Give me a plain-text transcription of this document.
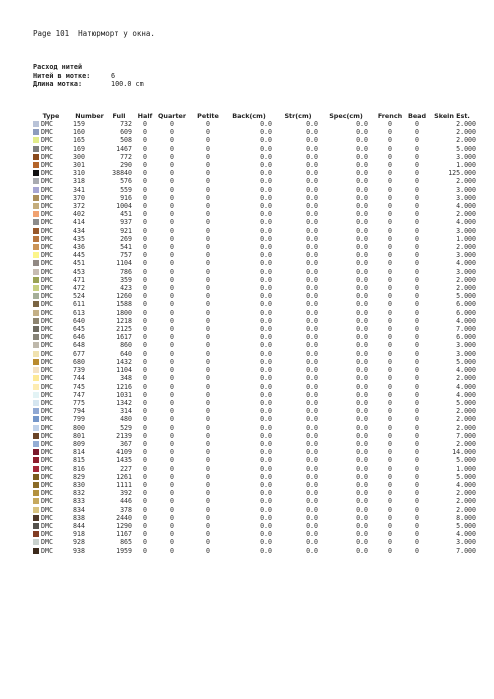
Page 101  Натюрморт у окна.
Расход нитей
Нитей в мотке:	6
Длина мотка:	100.0 cm
Type	Number	Full	Half	Quarter	Petite	Back(cm)	Str(cm)	Spec(cm)	French	Bead	Skein Est.
DMC	159	732	0	0	0	0.0	0.0	0.0	0	0	2.000
DMC	160	609	0	0	0	0.0	0.0	0.0	0	0	2.000
DMC	165	508	0	0	0	0.0	0.0	0.0	0	0	2.000
DMC	169	1467	0	0	0	0.0	0.0	0.0	0	0	5.000
DMC	300	772	0	0	0	0.0	0.0	0.0	0	0	3.000
DMC	301	290	0	0	0	0.0	0.0	0.0	0	0	1.000
DMC	310	38840	0	0	0	0.0	0.0	0.0	0	0	125.000
DMC	318	576	0	0	0	0.0	0.0	0.0	0	0	2.000
DMC	341	559	0	0	0	0.0	0.0	0.0	0	0	3.000
DMC	370	916	0	0	0	0.0	0.0	0.0	0	0	3.000
DMC	372	1004	0	0	0	0.0	0.0	0.0	0	0	4.000
DMC	402	451	0	0	0	0.0	0.0	0.0	0	0	2.000
DMC	414	937	0	0	0	0.0	0.0	0.0	0	0	4.000
DMC	434	921	0	0	0	0.0	0.0	0.0	0	0	3.000
DMC	435	269	0	0	0	0.0	0.0	0.0	0	0	1.000
DMC	436	541	0	0	0	0.0	0.0	0.0	0	0	2.000
DMC	445	757	0	0	0	0.0	0.0	0.0	0	0	3.000
DMC	451	1104	0	0	0	0.0	0.0	0.0	0	0	4.000
DMC	453	786	0	0	0	0.0	0.0	0.0	0	0	3.000
DMC	471	359	0	0	0	0.0	0.0	0.0	0	0	2.000
DMC	472	423	0	0	0	0.0	0.0	0.0	0	0	2.000
DMC	524	1260	0	0	0	0.0	0.0	0.0	0	0	5.000
DMC	611	1588	0	0	0	0.0	0.0	0.0	0	0	6.000
DMC	613	1800	0	0	0	0.0	0.0	0.0	0	0	6.000
DMC	640	1218	0	0	0	0.0	0.0	0.0	0	0	4.000
DMC	645	2125	0	0	0	0.0	0.0	0.0	0	0	7.000
DMC	646	1617	0	0	0	0.0	0.0	0.0	0	0	6.000
DMC	648	860	0	0	0	0.0	0.0	0.0	0	0	3.000
DMC	677	640	0	0	0	0.0	0.0	0.0	0	0	3.000
DMC	680	1432	0	0	0	0.0	0.0	0.0	0	0	5.000
DMC	739	1104	0	0	0	0.0	0.0	0.0	0	0	4.000
DMC	744	348	0	0	0	0.0	0.0	0.0	0	0	2.000
DMC	745	1216	0	0	0	0.0	0.0	0.0	0	0	4.000
DMC	747	1031	0	0	0	0.0	0.0	0.0	0	0	4.000
DMC	775	1342	0	0	0	0.0	0.0	0.0	0	0	5.000
DMC	794	314	0	0	0	0.0	0.0	0.0	0	0	2.000
DMC	799	480	0	0	0	0.0	0.0	0.0	0	0	2.000
DMC	800	529	0	0	0	0.0	0.0	0.0	0	0	2.000
DMC	801	2139	0	0	0	0.0	0.0	0.0	0	0	7.000
DMC	809	367	0	0	0	0.0	0.0	0.0	0	0	2.000
DMC	814	4109	0	0	0	0.0	0.0	0.0	0	0	14.000
DMC	815	1435	0	0	0	0.0	0.0	0.0	0	0	5.000
DMC	816	227	0	0	0	0.0	0.0	0.0	0	0	1.000
DMC	829	1261	0	0	0	0.0	0.0	0.0	0	0	5.000
DMC	830	1111	0	0	0	0.0	0.0	0.0	0	0	4.000
DMC	832	392	0	0	0	0.0	0.0	0.0	0	0	2.000
DMC	833	446	0	0	0	0.0	0.0	0.0	0	0	2.000
DMC	834	378	0	0	0	0.0	0.0	0.0	0	0	2.000
DMC	838	2440	0	0	0	0.0	0.0	0.0	0	0	8.000
DMC	844	1290	0	0	0	0.0	0.0	0.0	0	0	5.000
DMC	918	1167	0	0	0	0.0	0.0	0.0	0	0	4.000
DMC	928	865	0	0	0	0.0	0.0	0.0	0	0	3.000
DMC	938	1959	0	0	0	0.0	0.0	0.0	0	0	7.000
